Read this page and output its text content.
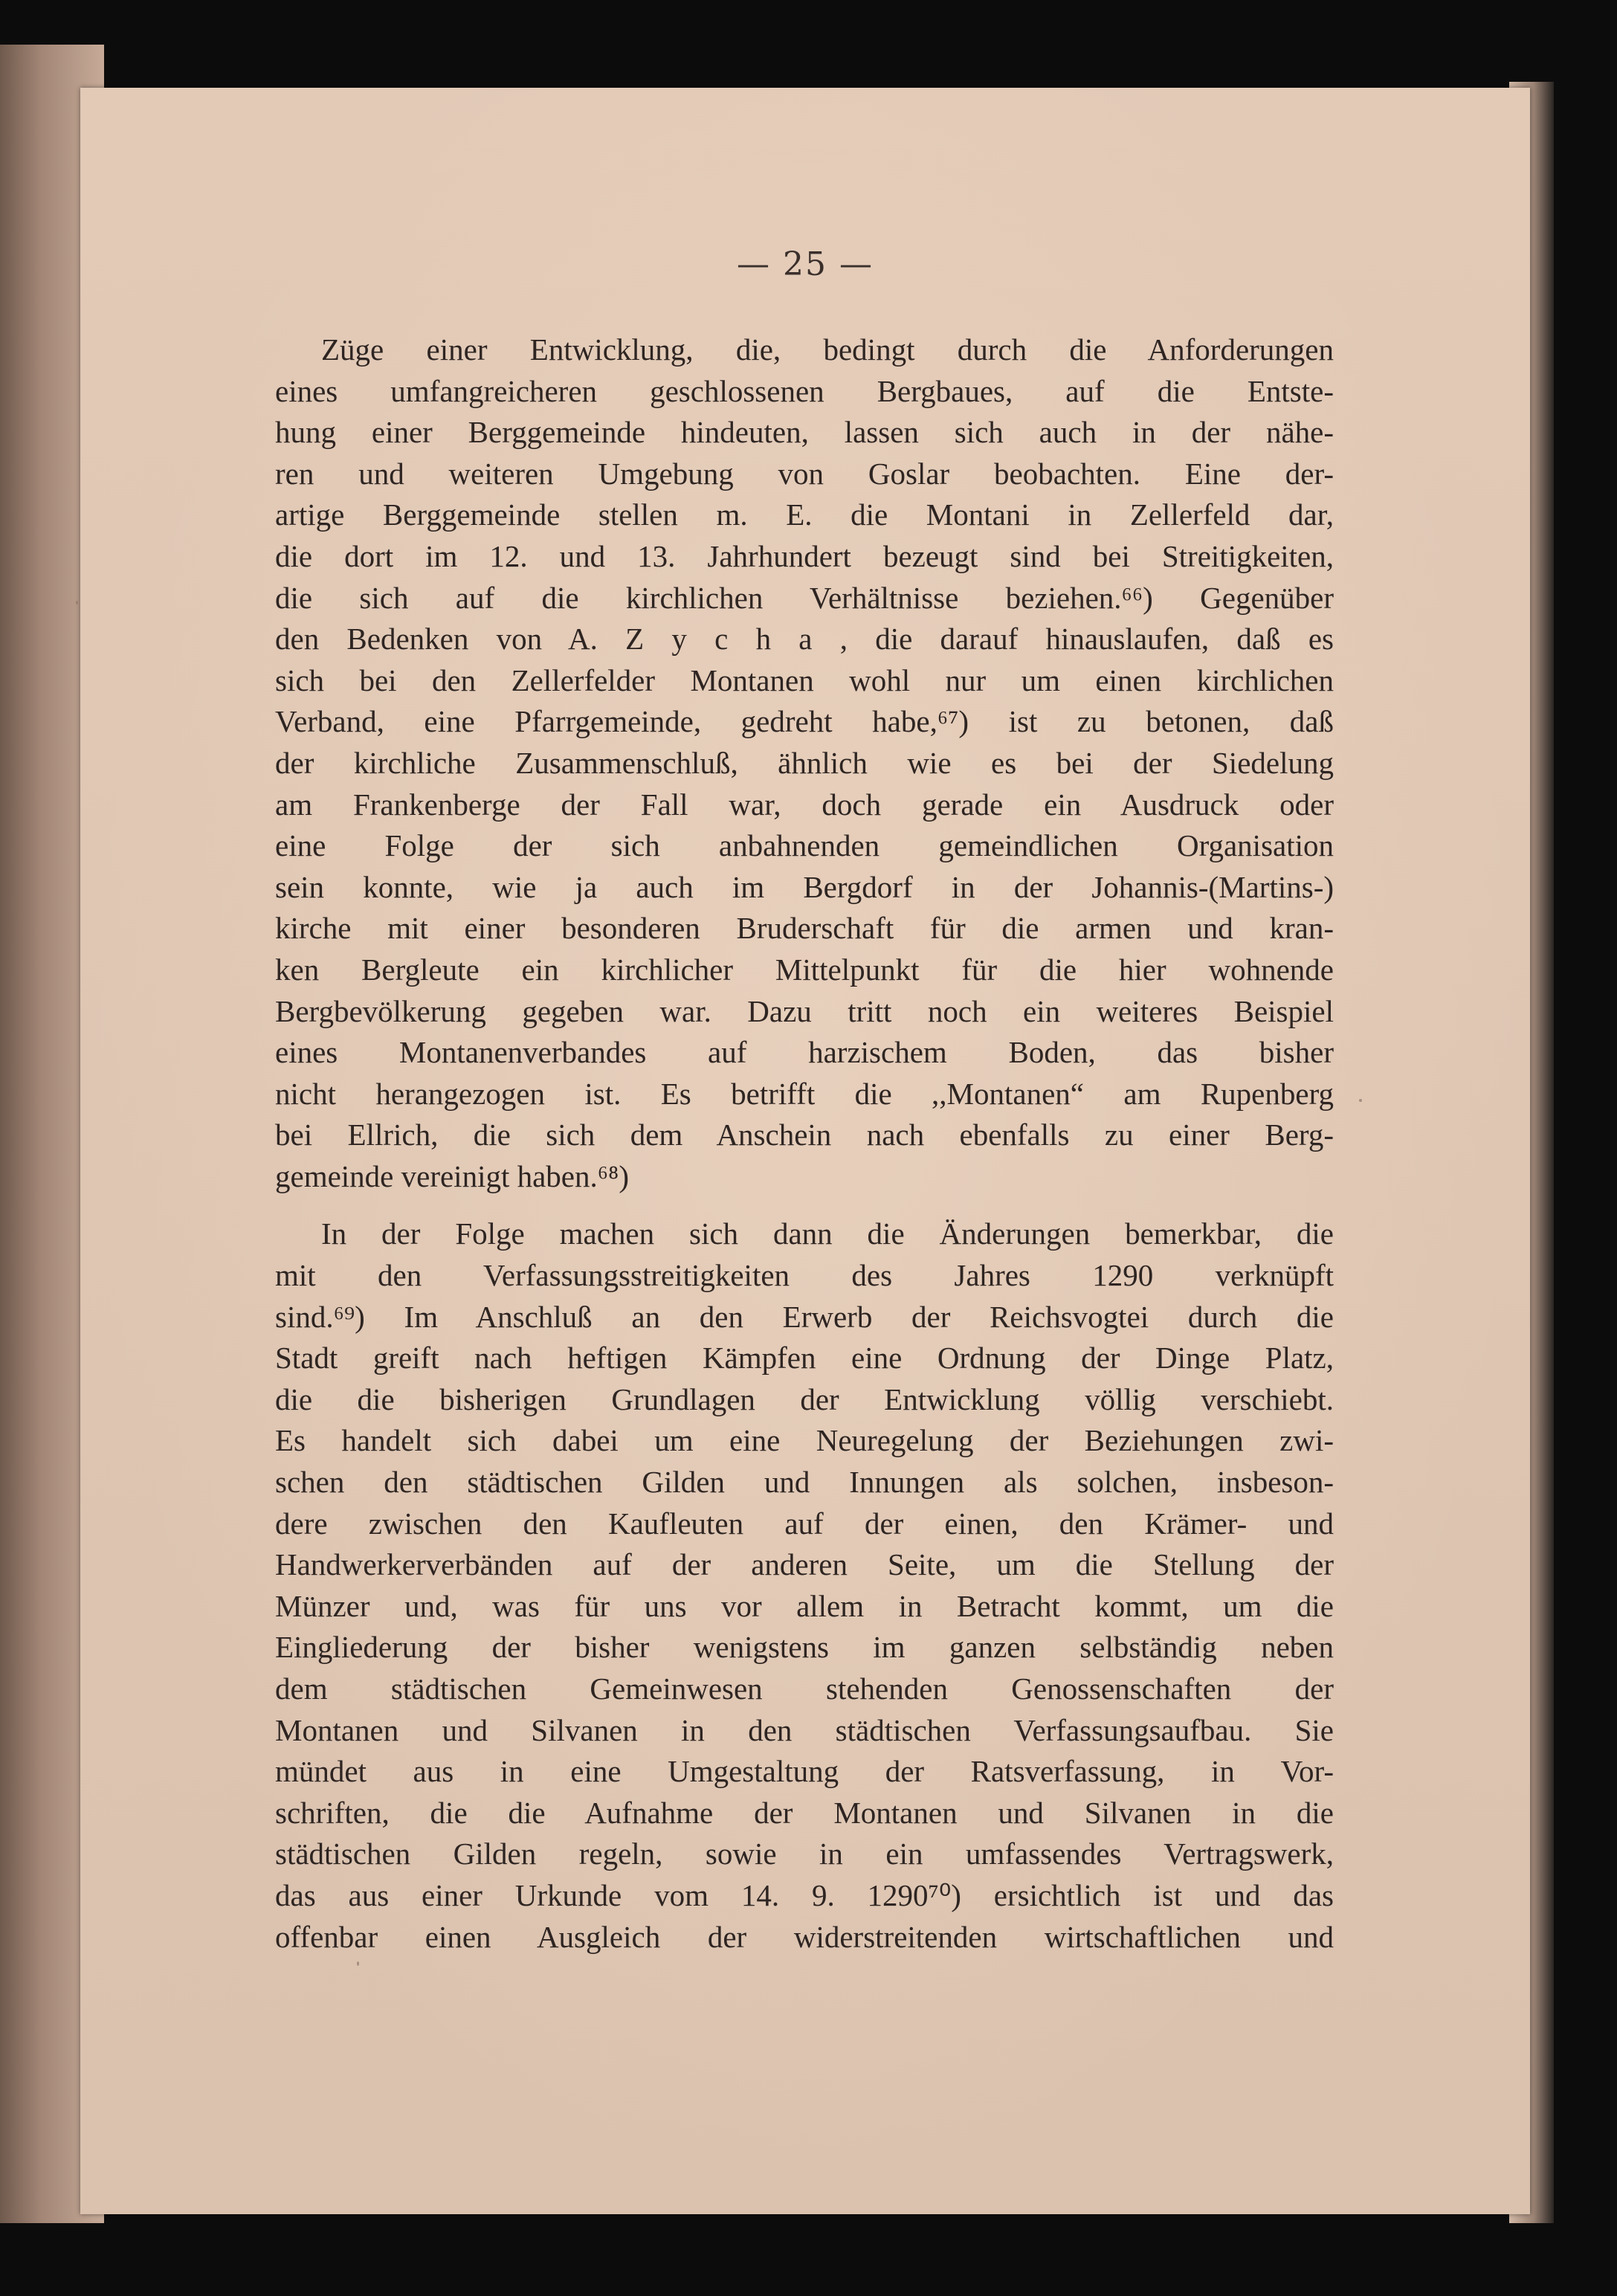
— 25 —
Züge einer Entwicklung, die, bedingt durch die Anforderungen
eines umfangreicheren geschlossenen Bergbaues, auf die Entste-
hung einer Berggemeinde hindeuten, lassen sich auch in der nähe-
ren und weiteren Umgebung von Goslar beobachten. Eine der-
artige Berggemeinde stellen m. E. die Montani in Zellerfeld dar,
die dort im 12. und 13. Jahrhundert bezeugt sind bei Streitigkeiten,
die sich auf die kirchlichen Verhältnisse beziehen.⁶⁶) Gegenüber
den Bedenken von A. Z y c h a , die darauf hinauslaufen, daß es
sich bei den Zellerfelder Montanen wohl nur um einen kirchlichen
Verband, eine Pfarrgemeinde, gedreht habe,⁶⁷) ist zu betonen, daß
der kirchliche Zusammenschluß, ähnlich wie es bei der Siedelung
am Frankenberge der Fall war, doch gerade ein Ausdruck oder
eine Folge der sich anbahnenden gemeindlichen Organisation
sein konnte, wie ja auch im Bergdorf in der Johannis-(Martins-)
kirche mit einer besonderen Bruderschaft für die armen und kran-
ken Bergleute ein kirchlicher Mittelpunkt für die hier wohnende
Bergbevölkerung gegeben war. Dazu tritt noch ein weiteres Beispiel
eines Montanenverbandes auf harzischem Boden, das bisher
nicht herangezogen ist. Es betrifft die ,,Montanen“ am Rupenberg
bei Ellrich, die sich dem Anschein nach ebenfalls zu einer Berg-
gemeinde vereinigt haben.⁶⁸)
In der Folge machen sich dann die Änderungen bemerkbar, die
mit den Verfassungsstreitigkeiten des Jahres 1290 verknüpft
sind.⁶⁹) Im Anschluß an den Erwerb der Reichsvogtei durch die
Stadt greift nach heftigen Kämpfen eine Ordnung der Dinge Platz,
die die bisherigen Grundlagen der Entwicklung völlig verschiebt.
Es handelt sich dabei um eine Neuregelung der Beziehungen zwi-
schen den städtischen Gilden und Innungen als solchen, insbeson-
dere zwischen den Kaufleuten auf der einen, den Krämer- und
Handwerkerverbänden auf der anderen Seite, um die Stellung der
Münzer und, was für uns vor allem in Betracht kommt, um die
Eingliederung der bisher wenigstens im ganzen selbständig neben
dem städtischen Gemeinwesen stehenden Genossenschaften der
Montanen und Silvanen in den städtischen Verfassungsaufbau. Sie
mündet aus in eine Umgestaltung der Ratsverfassung, in Vor-
schriften, die die Aufnahme der Montanen und Silvanen in die
städtischen Gilden regeln, sowie in ein umfassendes Vertragswerk,
das aus einer Urkunde vom 14. 9. 1290⁷⁰) ersichtlich ist und das
offenbar einen Ausgleich der widerstreitenden wirtschaftlichen und
